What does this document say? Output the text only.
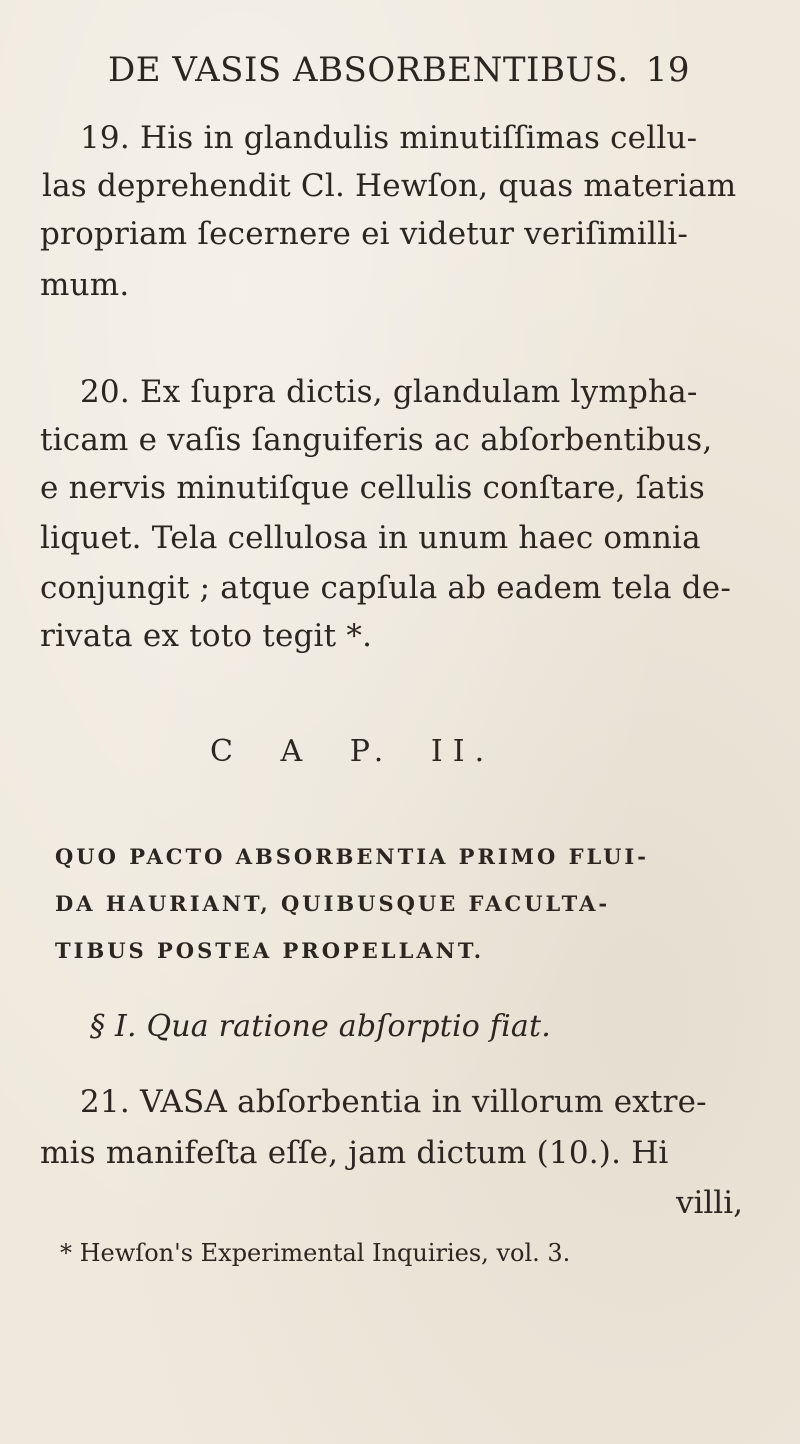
DE VASIS ABSORBENTIBUS. 19
19. His in glandulis minutiſſimas cellu-
las deprehendit Cl. Hewſon, quas materiam
propriam ſecernere ei videtur veriſimilli-
mum.
20. Ex ſupra dictis, glandulam lympha-
ticam e vaſis ſanguiferis ac abſorbentibus,
e nervis minutiſque cellulis conſtare, ſatis
liquet. Tela cellulosa in unum haec omnia
conjungit ; atque capſula ab eadem tela de-
rivata ex toto tegit *.
C A P. II.
QUO PACTO ABSORBENTIA PRIMO FLUI-
DA HAURIANT, QUIBUSQUE FACULTA-
TIBUS POSTEA PROPELLANT.
§ I. Qua ratione abſorptio fiat.
21. VASA abſorbentia in villorum extre-
mis manifeſta eſſe, jam dictum (10.). Hi
villi,
* Hewſon's Experimental Inquiries, vol. 3.
